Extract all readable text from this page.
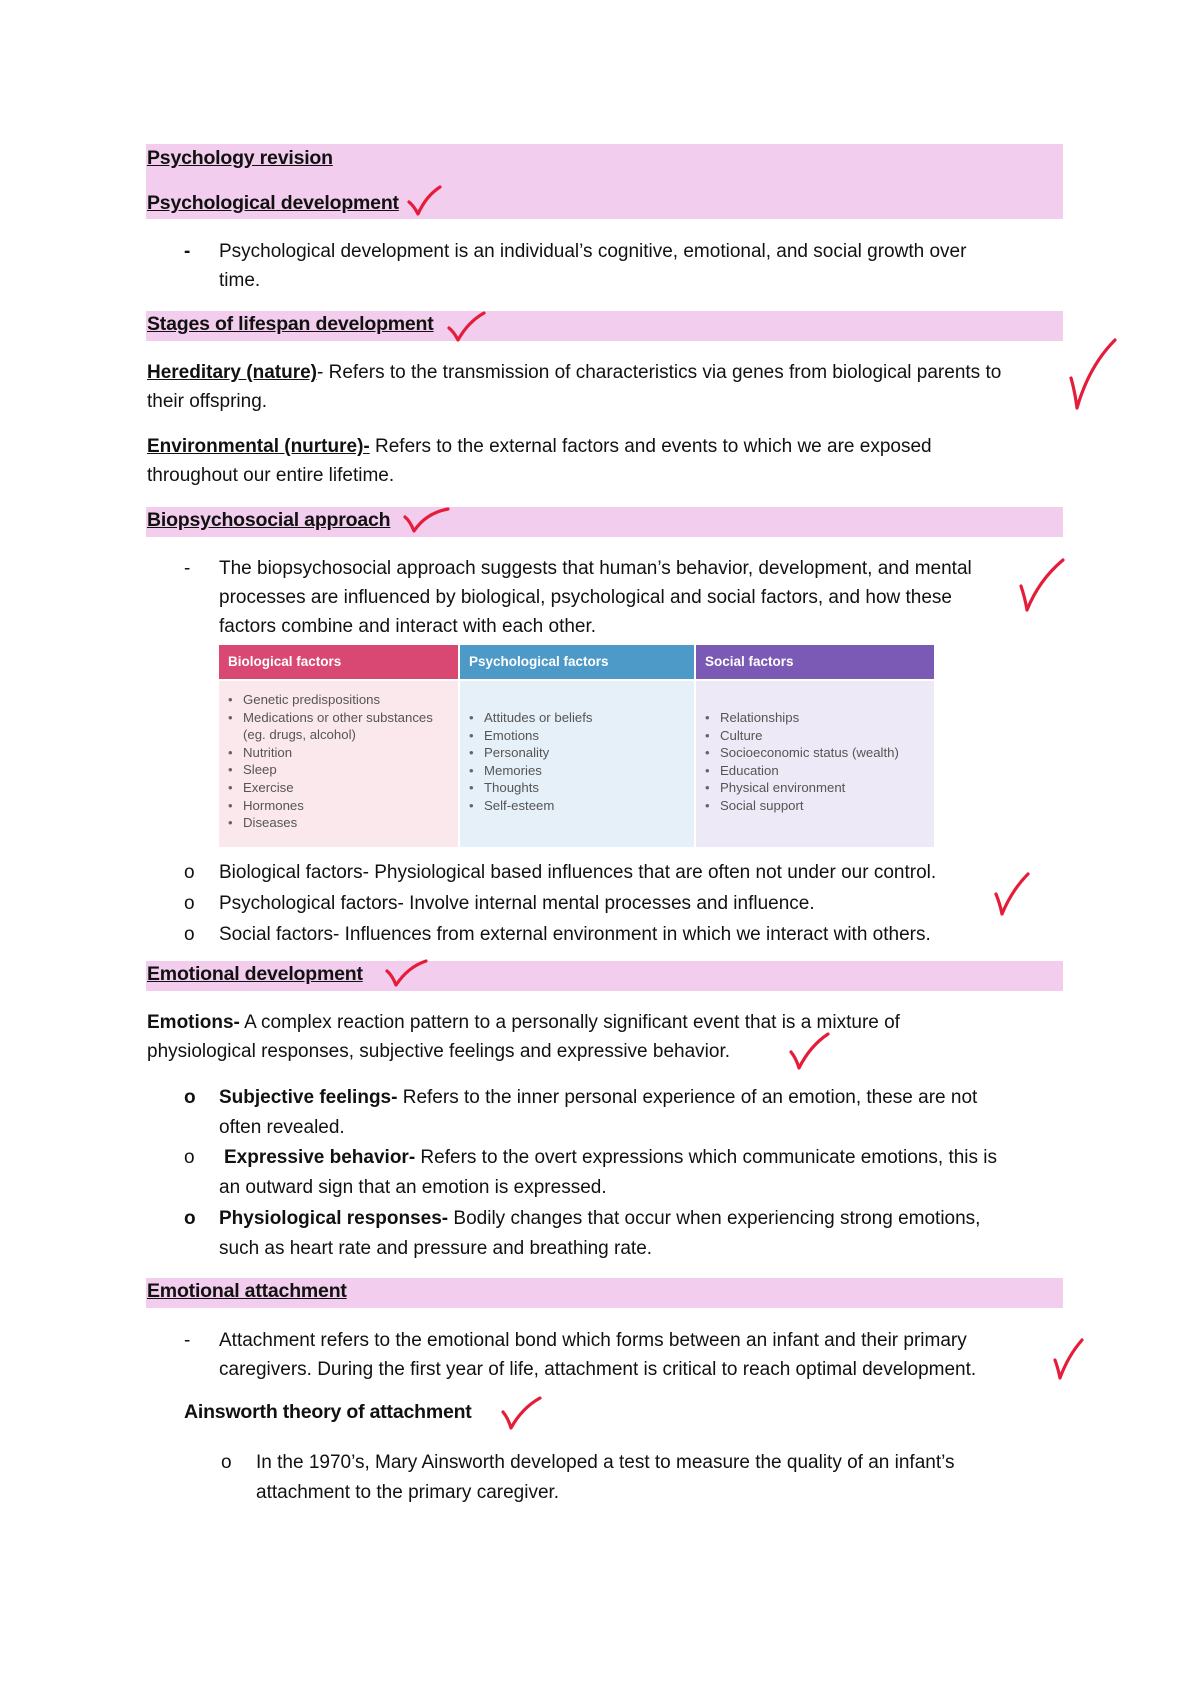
Psychology revision
Psychological development
- Psychological development is an individual’s cognitive, emotional, and social growth over
time.
Stages of lifespan development
Hereditary (nature)- Refers to the transmission of characteristics via genes from biological parents to
their offspring.
Environmental (nurture)- Refers to the external factors and events to which we are exposed
throughout our entire lifetime.
Biopsychosocial approach
- The biopsychosocial approach suggests that human’s behavior, development, and mental
processes are influenced by biological, psychological and social factors, and how these
factors combine and interact with each other.
Biological factors
• Genetic predispositions
• Medications or other substances (eg. drugs, alcohol)
• Nutrition
• Sleep
• Exercise
• Hormones
• Diseases
Psychological factors
• Attitudes or beliefs
• Emotions
• Personality
• Memories
• Thoughts
• Self-esteem
Social factors
• Relationships
• Culture
• Socioeconomic status (wealth)
• Education
• Physical environment
• Social support
o Biological factors- Physiological based influences that are often not under our control.
o Psychological factors- Involve internal mental processes and influence.
o Social factors- Influences from external environment in which we interact with others.
Emotional development
Emotions- A complex reaction pattern to a personally significant event that is a mixture of
physiological responses, subjective feelings and expressive behavior.
o Subjective feelings- Refers to the inner personal experience of an emotion, these are not
often revealed.
o Expressive behavior- Refers to the overt expressions which communicate emotions, this is
an outward sign that an emotion is expressed.
o Physiological responses- Bodily changes that occur when experiencing strong emotions,
such as heart rate and pressure and breathing rate.
Emotional attachment
- Attachment refers to the emotional bond which forms between an infant and their primary
caregivers. During the first year of life, attachment is critical to reach optimal development.
Ainsworth theory of attachment
o In the 1970’s, Mary Ainsworth developed a test to measure the quality of an infant’s
attachment to the primary caregiver.
